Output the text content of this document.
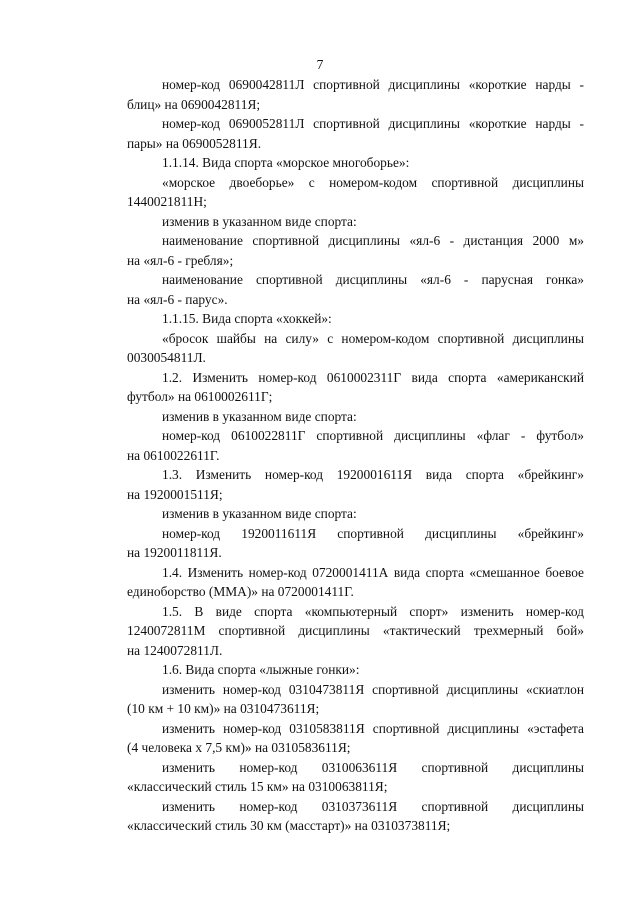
7
номер-код 0690042811Л спортивной дисциплины «короткие нарды -
блиц» на 0690042811Я;
номер-код 0690052811Л спортивной дисциплины «короткие нарды -
пары» на 0690052811Я.
1.1.14. Вида спорта «морское многоборье»:
«морское двоеборье» с номером-кодом спортивной дисциплины
1440021811Н;
изменив в указанном виде спорта:
наименование спортивной дисциплины «ял-6 - дистанция 2000 м»
на «ял-6 - гребля»;
наименование спортивной дисциплины «ял-6 - парусная гонка»
на «ял-6 - парус».
1.1.15. Вида спорта «хоккей»:
«бросок шайбы на силу» с номером-кодом спортивной дисциплины
0030054811Л.
1.2. Изменить номер-код 0610002311Г вида спорта «американский
футбол» на 0610002611Г;
изменив в указанном виде спорта:
номер-код 0610022811Г спортивной дисциплины «флаг - футбол»
на 0610022611Г.
1.3. Изменить номер-код 1920001611Я вида спорта «брейкинг»
на 1920001511Я;
изменив в указанном виде спорта:
номер-код 1920011611Я спортивной дисциплины «брейкинг»
на 1920011811Я.
1.4. Изменить номер-код 0720001411А вида спорта «смешанное боевое
единоборство (ММА)» на 0720001411Г.
1.5. В виде спорта «компьютерный спорт» изменить номер-код
1240072811М спортивной дисциплины «тактический трехмерный бой»
на 1240072811Л.
1.6. Вида спорта «лыжные гонки»:
изменить номер-код 0310473811Я спортивной дисциплины «скиатлон
(10 км + 10 км)» на 0310473611Я;
изменить номер-код 0310583811Я спортивной дисциплины «эстафета
(4 человека х 7,5 км)» на 0310583611Я;
изменить номер-код 0310063611Я спортивной дисциплины
«классический стиль 15 км» на 0310063811Я;
изменить номер-код 0310373611Я спортивной дисциплины
«классический стиль 30 км (масстарт)» на 0310373811Я;
